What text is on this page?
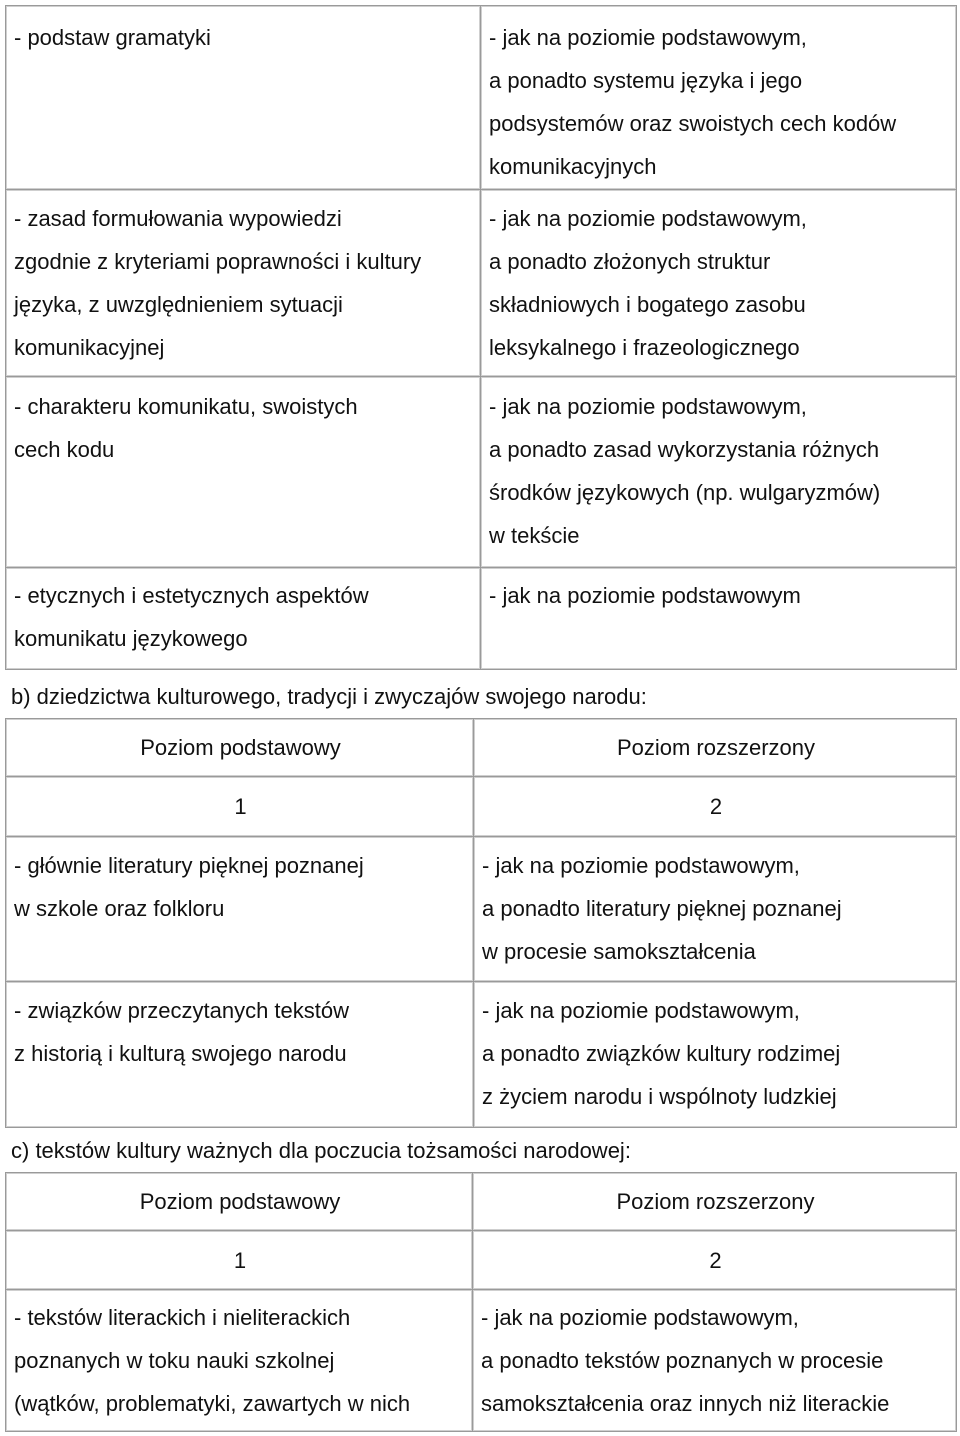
- podstaw gramatyki	- jak na poziomie podstawowym,
a ponadto systemu języka i jego
podsystemów oraz swoistych cech kodów
komunikacyjnych

- zasad formułowania wypowiedzi
zgodnie z kryteriami poprawności i kultury
języka, z uwzględnieniem sytuacji
komunikacyjnej	- jak na poziomie podstawowym,
a ponadto złożonych struktur
składniowych i bogatego zasobu
leksykalnego i frazeologicznego

- charakteru komunikatu, swoistych
cech kodu	- jak na poziomie podstawowym,
a ponadto zasad wykorzystania różnych
środków językowych (np. wulgaryzmów)
w tekście

- etycznych i estetycznych aspektów
komunikatu językowego	- jak na poziomie podstawowym
b) dziedzictwa kulturowego, tradycji i zwyczajów swojego narodu:
Poziom podstawowy	Poziom rozszerzony
1	2

- głównie literatury pięknej poznanej
w szkole oraz folkloru	- jak na poziomie podstawowym,
a ponadto literatury pięknej poznanej
w procesie samokształcenia

- związków przeczytanych tekstów
z historią i kulturą swojego narodu	- jak na poziomie podstawowym,
a ponadto związków kultury rodzimej
z życiem narodu i wspólnoty ludzkiej
c) tekstów kultury ważnych dla poczucia tożsamości narodowej:
Poziom podstawowy	Poziom rozszerzony
1	2

- tekstów literackich i nieliterackich
poznanych w toku nauki szkolnej
(wątków, problematyki, zawartych w nich	- jak na poziomie podstawowym,
a ponadto tekstów poznanych w procesie
samokształcenia oraz innych niż literackie
